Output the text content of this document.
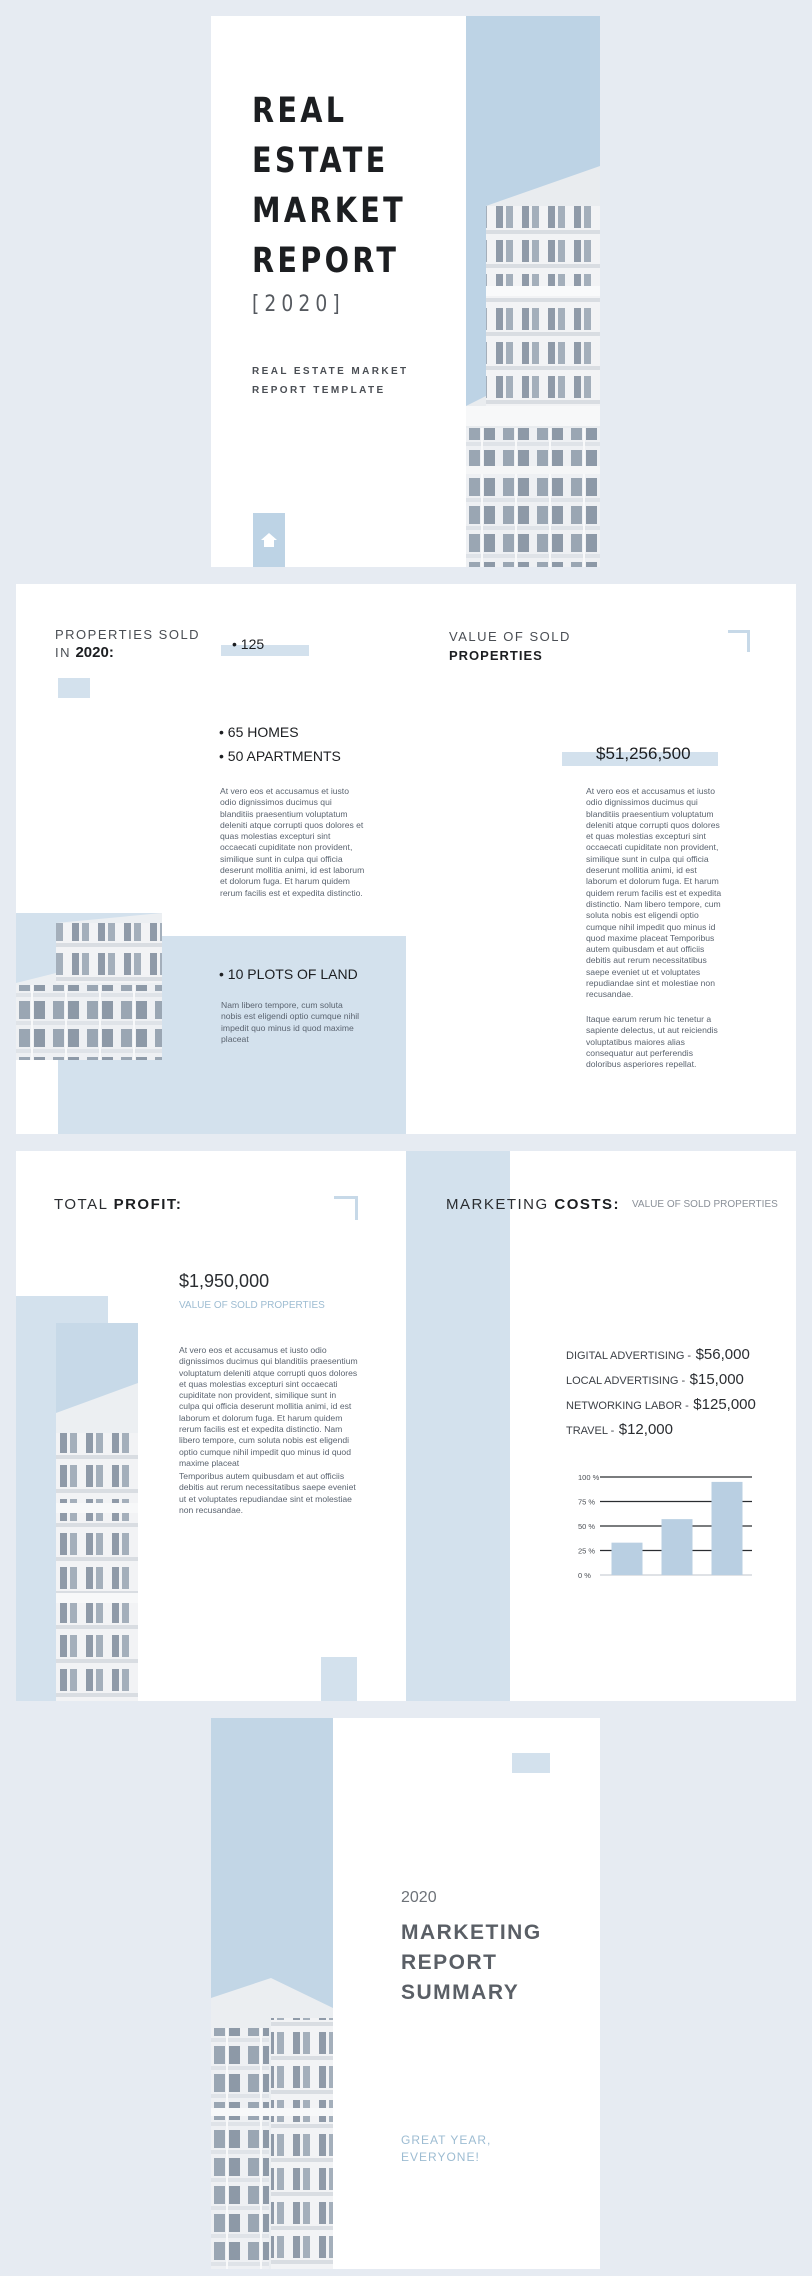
REAL
ESTATE
MARKET
REPORT
[2020]
REAL ESTATE MARKET
REPORT TEMPLATE
PROPERTIES SOLD
IN 2020:	• 125
• 65 HOMES
• 50 APARTMENTS
At vero eos et accusamus et iusto odio dignissimos ducimus qui blanditiis praesentium voluptatum deleniti atque corrupti quos dolores et quas molestias excepturi sint occaecati cupiditate non provident, similique sunt in culpa qui officia deserunt mollitia animi, id est laborum et dolorum fuga. Et harum quidem rerum facilis est et expedita distinctio.
• 10 PLOTS OF LAND
Nam libero tempore, cum soluta nobis est eligendi optio cumque nihil impedit quo minus id quod maxime placeat
VALUE OF SOLD
PROPERTIES
$51,256,500
At vero eos et accusamus et iusto odio dignissimos ducimus qui blanditiis praesentium voluptatum deleniti atque corrupti quos dolores et quas molestias excepturi sint occaecati cupiditate non provident, similique sunt in culpa qui officia deserunt mollitia animi, id est laborum et dolorum fuga. Et harum quidem rerum facilis est et expedita distinctio. Nam libero tempore, cum soluta nobis est eligendi optio cumque nihil impedit quo minus id quod maxime placeat Temporibus autem quibusdam et aut officiis debitis aut rerum necessitatibus saepe eveniet ut et voluptates repudiandae sint et molestiae non recusandae.
Itaque earum rerum hic tenetur a sapiente delectus, ut aut reiciendis voluptatibus maiores alias consequatur aut perferendis doloribus asperiores repellat.
TOTAL PROFIT:
$1,950,000
VALUE OF SOLD PROPERTIES
At vero eos et accusamus et iusto odio dignissimos ducimus qui blanditiis praesentium voluptatum deleniti atque corrupti quos dolores et quas molestias excepturi sint occaecati cupiditate non provident, similique sunt in culpa qui officia deserunt mollitia animi, id est laborum et dolorum fuga. Et harum quidem rerum facilis est et expedita distinctio. Nam libero tempore, cum soluta nobis est eligendi optio cumque nihil impedit quo minus id quod maxime placeat
Temporibus autem quibusdam et aut officiis debitis aut rerum necessitatibus saepe eveniet ut et voluptates repudiandae sint et molestiae non recusandae.
MARKETING COSTS: VALUE OF SOLD PROPERTIES
DIGITAL ADVERTISING - $56,000
LOCAL ADVERTISING - $15,000
NETWORKING LABOR - $125,000
TRAVEL - $12,000
100 %
75 %
50 %
25 %
0 %
2020
MARKETING
REPORT
SUMMARY
GREAT YEAR,
EVERYONE!
